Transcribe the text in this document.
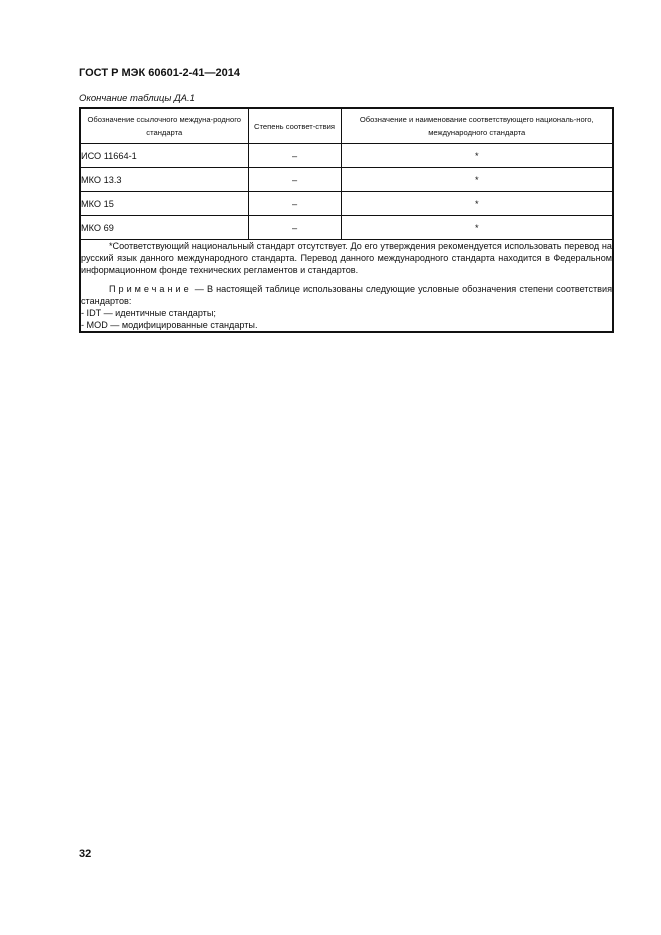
ГОСТ Р МЭК 60601-2-41—2014
Окончание таблицы ДА.1
Обозначение ссылочного междуна-родного стандарта	Степень соответ-ствия	Обозначение и наименование соответствующего националь-ного, международного стандарта
ИСО 11664-1	–	*
МКО 13.3	–	*
МКО 15	–	*
МКО 69	–	*

*Соответствующий национальный стандарт отсутствует. До его утверждения рекомендуется использовать перевод на русский язык данного международного стандарта. Перевод данного международного стандарта находится в Федеральном информационном фонде технических регламентов и стандартов.

Примечание — В настоящей таблице использованы следующие условные обозначения степени соответствия стандартов:

- IDT — идентичные стандарты;

- MOD — модифицированные стандарты.		

32
